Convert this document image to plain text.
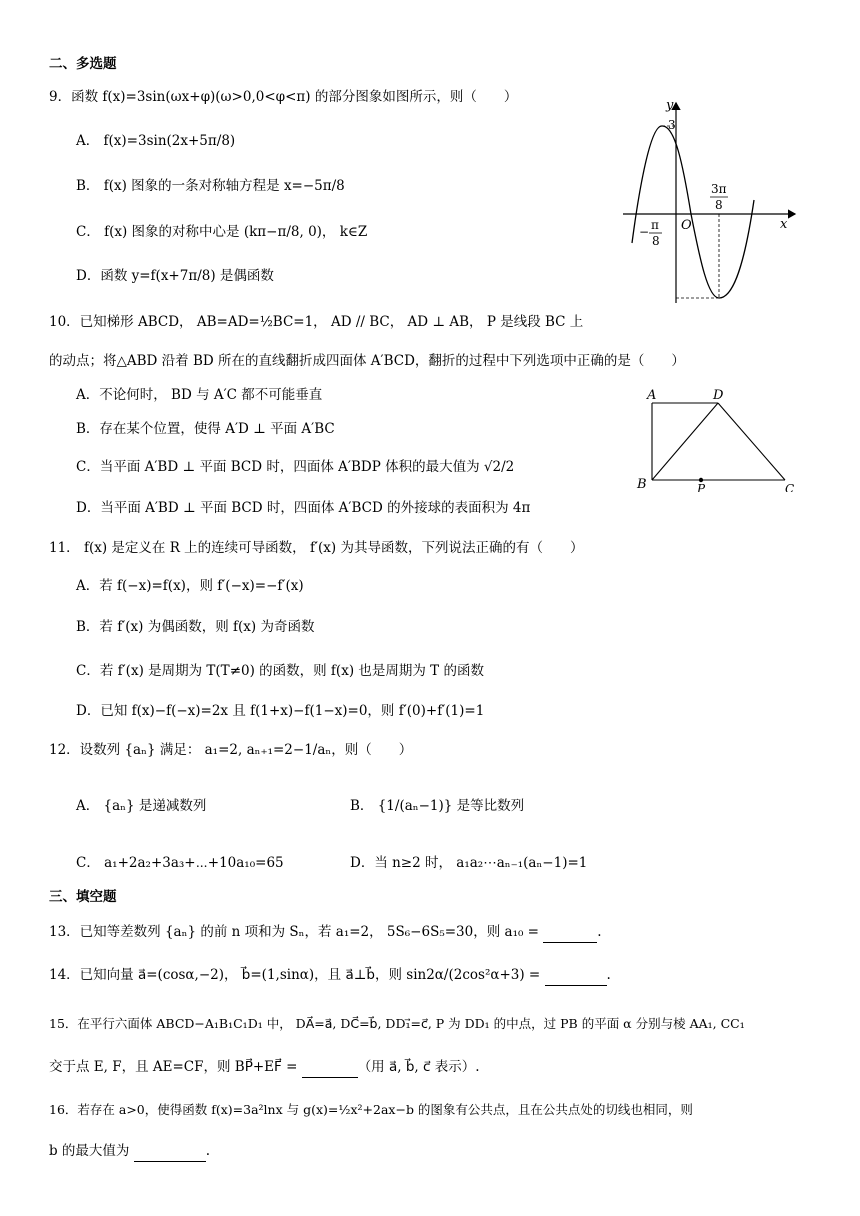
二、多选题
9．函数 f(x)=3sin(ωx+φ)(ω>0,0<φ<π) 的部分图象如图所示，则（　　）
A． f(x)=3sin(2x+5π/8)
B． f(x) 图象的一条对称轴方程是 x=−5π/8
C． f(x) 图象的对称中心是 (kπ−π/8, 0)， k∈Z
D．函数 y=f(x+7π/8) 是偶函数
y
3
O	x
− π
8
3π
8
10．已知梯形 ABCD， AB=AD=½BC=1， AD // BC， AD ⊥ AB， P 是线段 BC 上
的动点；将△ABD 沿着 BD 所在的直线翻折成四面体 A′BCD，翻折的过程中下列选项中正确的是（　　）
A．不论何时， BD 与 A′C 都不可能垂直
B．存在某个位置，使得 A′D ⊥ 平面 A′BC
C．当平面 A′BD ⊥ 平面 BCD 时，四面体 A′BDP 体积的最大值为 √2/2
D．当平面 A′BD ⊥ 平面 BCD 时，四面体 A′BCD 的外接球的表面积为 4π
A	D
B	P	C
11． f(x) 是定义在 R 上的连续可导函数， f′(x) 为其导函数，下列说法正确的有（　　）
A．若 f(−x)=f(x)，则 f′(−x)=−f′(x)
B．若 f′(x) 为偶函数，则 f(x) 为奇函数
C．若 f′(x) 是周期为 T(T≠0) 的函数，则 f(x) 也是周期为 T 的函数
D．已知 f(x)−f(−x)=2x 且 f(1+x)−f(1−x)=0，则 f′(0)+f′(1)=1
12．设数列 {aₙ} 满足： a₁=2, aₙ₊₁=2−1/aₙ，则（　　）
A． {aₙ} 是递减数列	B． {1/(aₙ−1)} 是等比数列
C． a₁+2a₂+3a₃+⋯+10a₁₀=65	D．当 n≥2 时， a₁a₂⋯aₙ₋₁(aₙ−1)=1
三、填空题
13．已知等差数列 {aₙ} 的前 n 项和为 Sₙ，若 a₁=2， 5S₆−6S₅=30，则 a₁₀ =	.
14．已知向量 a⃗=(cosα,−2)， b⃗=(1,sinα)，且 a⃗⊥b⃗，则 sin2α/(2cos²α+3) =	.
15．在平行六面体 ABCD−A₁B₁C₁D₁ 中， DA⃗=a⃗, DC⃗=b⃗, DD₁⃗=c⃗, P 为 DD₁ 的中点，过 PB 的平面 α 分别与棱 AA₁, CC₁
交于点 E, F，且 AE=CF，则 BP⃗+EF⃗ =	（用 a⃗, b⃗, c⃗ 表示）.
16．若存在 a>0，使得函数 f(x)=3a²lnx 与 g(x)=½x²+2ax−b 的图象有公共点，且在公共点处的切线也相同，则
b 的最大值为	.
